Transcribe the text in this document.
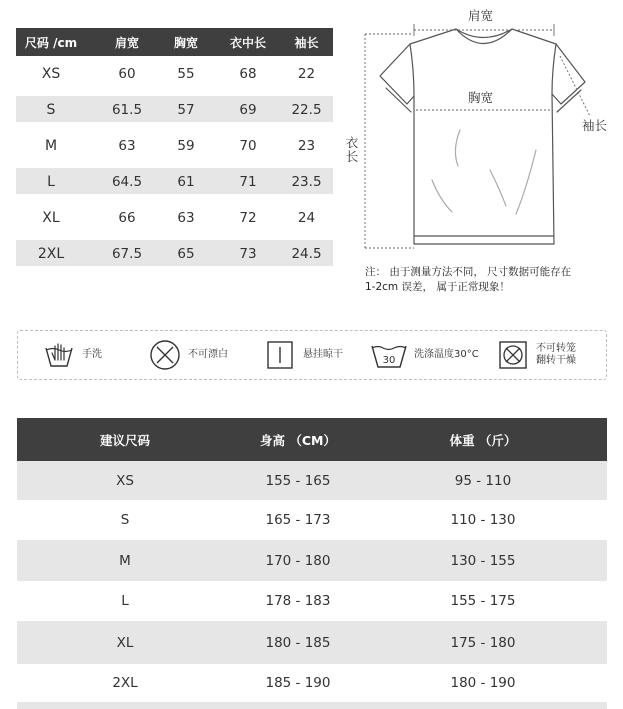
尺码 /cm	肩宽	胸宽	衣中长	袖长
XS	60	55	68	22
S	61.5	57	69	22.5
M	63	59	70	23
L	64.5	61	71	23.5
XL	66	63	72	24
2XL	67.5	65	73	24.5
肩宽
胸宽
袖长
衣长
注： 由于测量方法不同， 尺寸数据可能存在
1-2cm 误差， 属于正常现象！
手洗	不可漂白	悬挂晾干
30
洗涤温度30°C
不可转笼
翻转干燥
建议尺码	身高 （CM）	体重 （斤）
XS	155 - 165	95 - 110
S	165 - 173	110 - 130
M	170 - 180	130 - 155
L	178 - 183	155 - 175
XL	180 - 185	175 - 180
2XL	185 - 190	180 - 190
